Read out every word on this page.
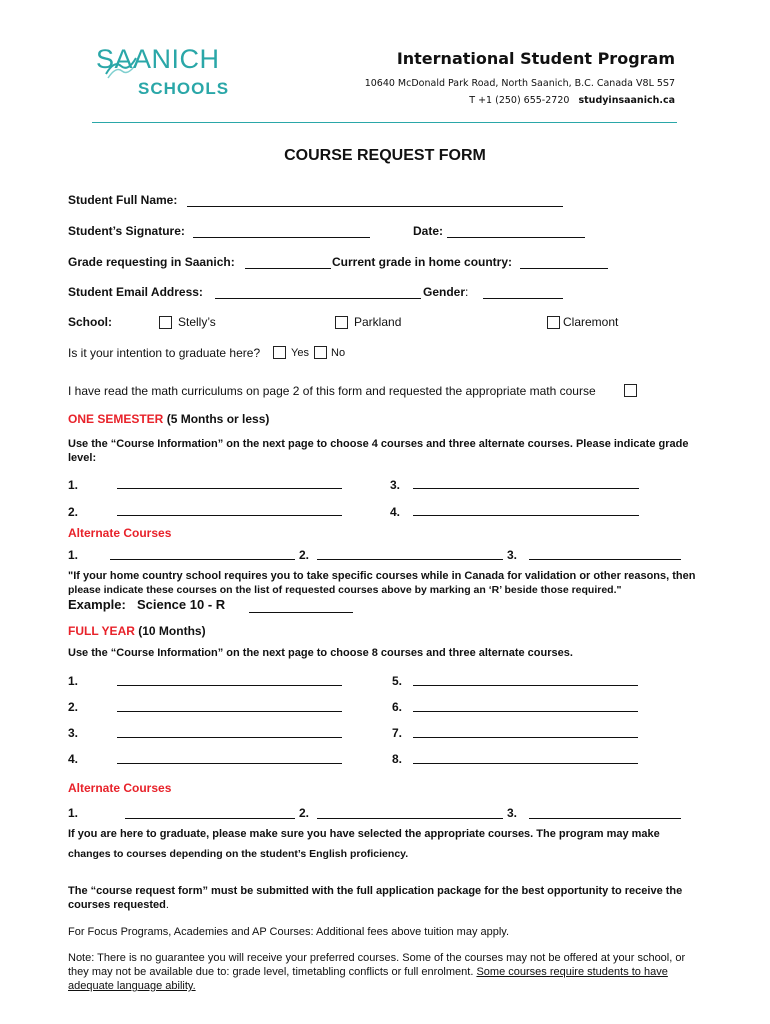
SAANICH
SCHOOLS
International Student Program
10640 McDonald Park Road, North Saanich, B.C. Canada V8L 5S7
T +1 (250) 655-2720 studyinsaanich.ca
COURSE REQUEST FORM
Student Full Name:
Student’s Signature:	Date:
Grade requesting in Saanich:	Current grade in home country:
Student Email Address:	Gender:
School:	Stelly’s	Parkland	Claremont
Is it your intention to graduate here?	Yes No
I have read the math curriculums on page 2 of this form and requested the appropriate math course
ONE SEMESTER (5 Months or less)
Use the “Course Information” on the next page to choose 4 courses and three alternate courses. Please indicate grade
level:
1.	3.
2.	4.
Alternate Courses
1.	2.	3.
"If your home country school requires you to take specific courses while in Canada for validation or other reasons, then
please indicate these courses on the list of requested courses above by marking an ‘R’ beside those required."
Example: Science 10 - R
FULL YEAR (10 Months)
Use the “Course Information” on the next page to choose 8 courses and three alternate courses.
1.	5.
2.	6.
3.	7.
4.	8.
Alternate Courses
1.	2.	3.
If you are here to graduate, please make sure you have selected the appropriate courses. The program may make
changes to courses depending on the student’s English proficiency.
The “course request form” must be submitted with the full application package for the best opportunity to receive the
courses requested.
For Focus Programs, Academies and AP Courses: Additional fees above tuition may apply.
Note: There is no guarantee you will receive your preferred courses. Some of the courses may not be offered at your school, or
they may not be available due to: grade level, timetabling conflicts or full enrolment. Some courses require students to have
adequate language ability.
